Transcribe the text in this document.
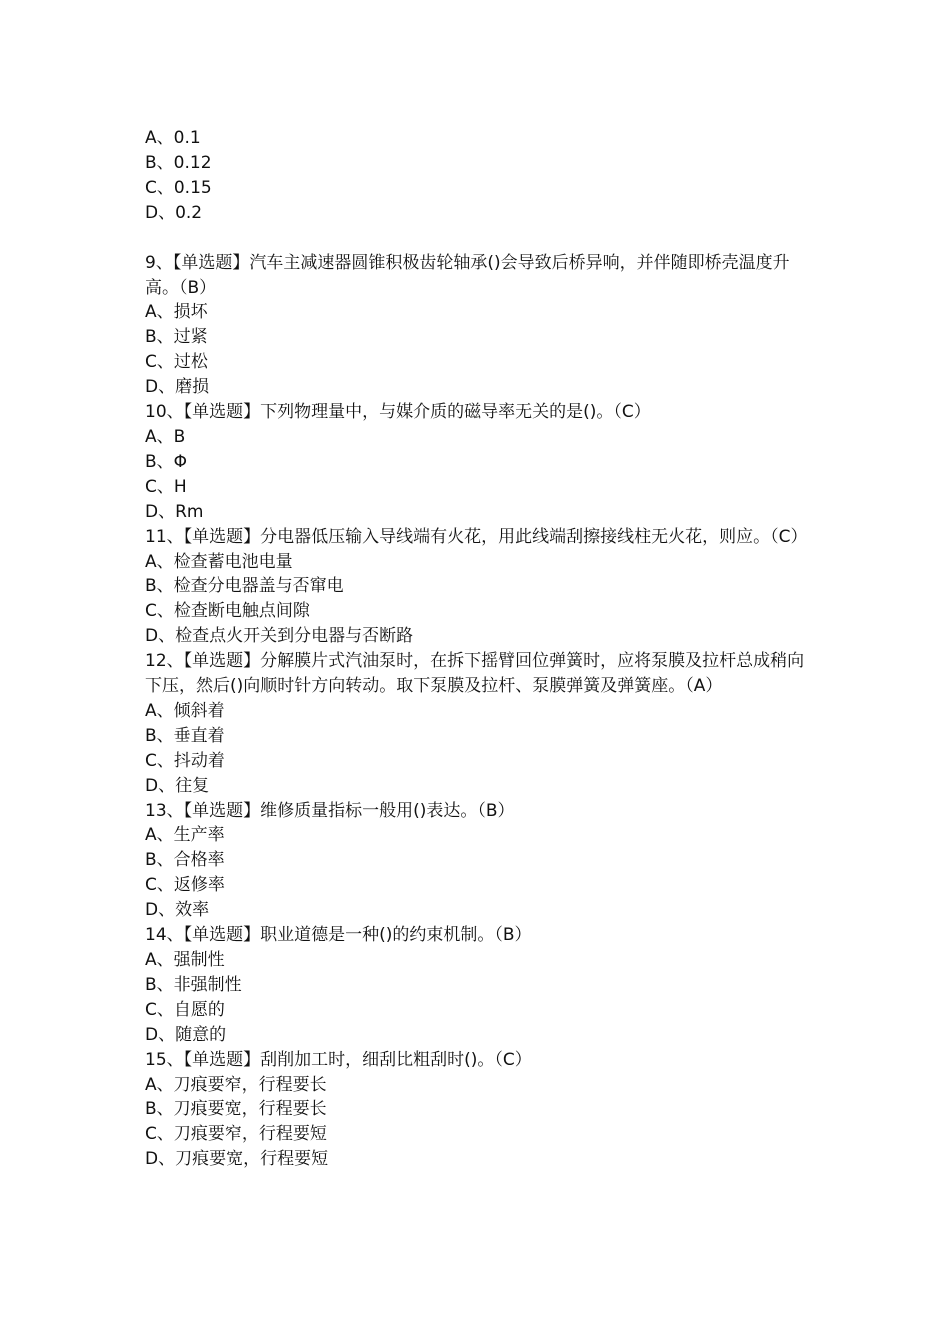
A、0.1
B、0.12
C、0.15
D、0.2
9、【单选题】汽车主减速器圆锥积极齿轮轴承()会导致后桥异响，并伴随即桥壳温度升高。（B）
A、损坏
B、过紧
C、过松
D、磨损
10、【单选题】下列物理量中，与媒介质的磁导率无关的是()。（C）
A、B
B、Φ
C、H
D、Rm
11、【单选题】分电器低压输入导线端有火花，用此线端刮擦接线柱无火花，则应。（C）
A、检查蓄电池电量
B、检查分电器盖与否窜电
C、检查断电触点间隙
D、检查点火开关到分电器与否断路
12、【单选题】分解膜片式汽油泵时，在拆下摇臂回位弹簧时，应将泵膜及拉杆总成稍向下压，然后()向顺时针方向转动。取下泵膜及拉杆、泵膜弹簧及弹簧座。（A）
A、倾斜着
B、垂直着
C、抖动着
D、往复
13、【单选题】维修质量指标一般用()表达。（B）
A、生产率
B、合格率
C、返修率
D、效率
14、【单选题】职业道德是一种()的约束机制。（B）
A、强制性
B、非强制性
C、自愿的
D、随意的
15、【单选题】刮削加工时，细刮比粗刮时()。（C）
A、刀痕要窄，行程要长
B、刀痕要宽，行程要长
C、刀痕要窄，行程要短
D、刀痕要宽，行程要短
